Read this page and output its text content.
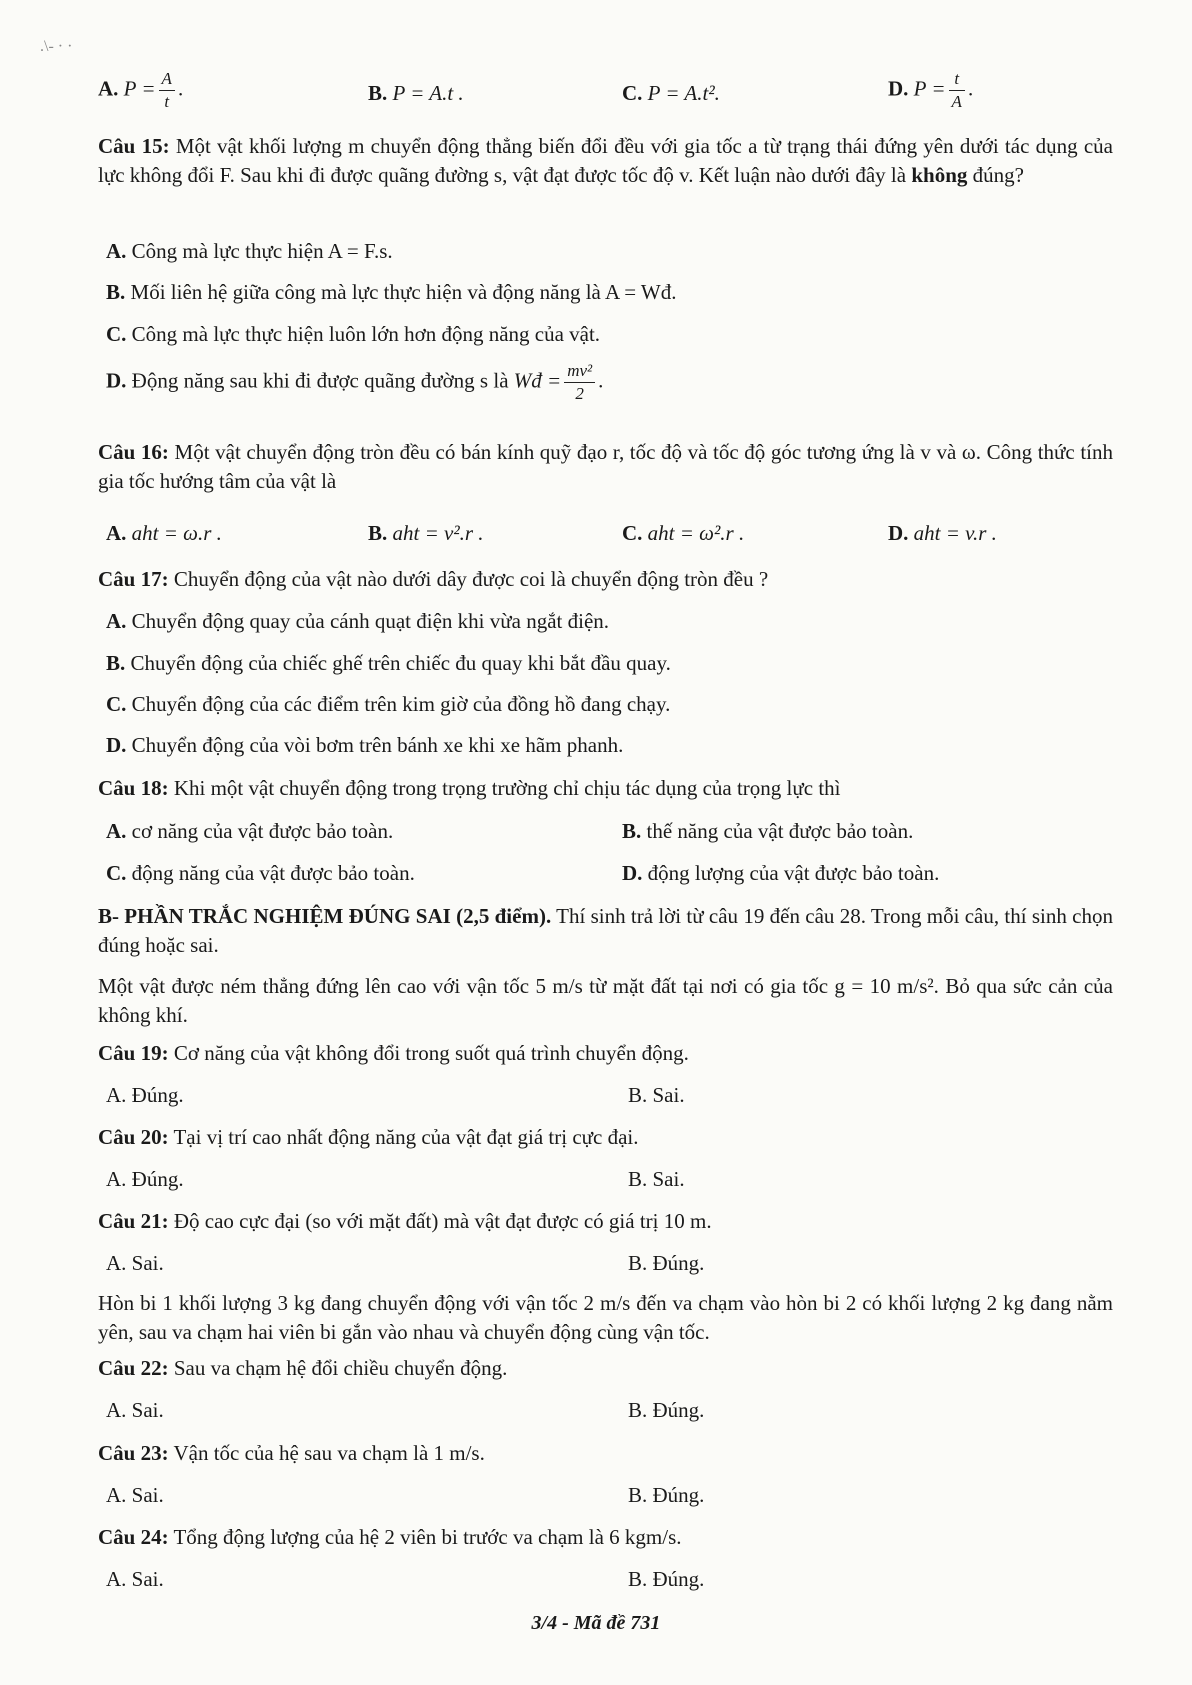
.\- · ·
A. $P = \frac{A}{t}$ .	B. P = A.t .	C. P = A.t².	D. $P = \frac{t}{A}$ .
Câu 15: Một vật khối lượng m chuyển động thẳng biến đổi đều với gia tốc a từ trạng thái đứng yên dưới tác dụng của lực không đổi F. Sau khi đi được quãng đường s, vật đạt được tốc độ v. Kết luận nào dưới đây là không đúng?
A. Công mà lực thực hiện A = F.s.
B. Mối liên hệ giữa công mà lực thực hiện và động năng là A = Wđ.
C. Công mà lực thực hiện luôn lớn hơn động năng của vật.
D. Động năng sau khi đi được quãng đường s là Wđ = $\frac{\text{mv²}}{2}$ .
Câu 16: Một vật chuyển động tròn đều có bán kính quỹ đạo r, tốc độ và tốc độ góc tương ứng là v và ω. Công thức tính gia tốc hướng tâm của vật là
A. aht = ω.r .	B. aht = v².r .	C. aht = ω².r .	D. aht = v.r .
Câu 17: Chuyển động của vật nào dưới dây được coi là chuyển động tròn đều ?
A. Chuyển động quay của cánh quạt điện khi vừa ngắt điện.
B. Chuyển động của chiếc ghế trên chiếc đu quay khi bắt đầu quay.
C. Chuyển động của các điểm trên kim giờ của đồng hồ đang chạy.
D. Chuyển động của vòi bơm trên bánh xe khi xe hãm phanh.
Câu 18: Khi một vật chuyển động trong trọng trường chỉ chịu tác dụng của trọng lực thì
A. cơ năng của vật được bảo toàn.	B. thế năng của vật được bảo toàn.
C. động năng của vật được bảo toàn.	D. động lượng của vật được bảo toàn.
B- PHẦN TRẮC NGHIỆM ĐÚNG SAI (2,5 điểm). Thí sinh trả lời từ câu 19 đến câu 28. Trong mỗi câu, thí sinh chọn đúng hoặc sai.
Một vật được ném thẳng đứng lên cao với vận tốc 5 m/s từ mặt đất tại nơi có gia tốc g = 10 m/s². Bỏ qua sức cản của không khí.
Câu 19: Cơ năng của vật không đổi trong suốt quá trình chuyển động.
A. Đúng.	B. Sai.
Câu 20: Tại vị trí cao nhất động năng của vật đạt giá trị cực đại.
A. Đúng.	B. Sai.
Câu 21: Độ cao cực đại (so với mặt đất) mà vật đạt được có giá trị 10 m.
A. Sai.	B. Đúng.
Hòn bi 1 khối lượng 3 kg đang chuyển động với vận tốc 2 m/s đến va chạm vào hòn bi 2 có khối lượng 2 kg đang nằm yên, sau va chạm hai viên bi gắn vào nhau và chuyển động cùng vận tốc.
Câu 22: Sau va chạm hệ đổi chiều chuyển động.
A. Sai.	B. Đúng.
Câu 23: Vận tốc của hệ sau va chạm là 1 m/s.
A. Sai.	B. Đúng.
Câu 24: Tổng động lượng của hệ 2 viên bi trước va chạm là 6 kgm/s.
A. Sai.	B. Đúng.
3/4 - Mã đề 731
